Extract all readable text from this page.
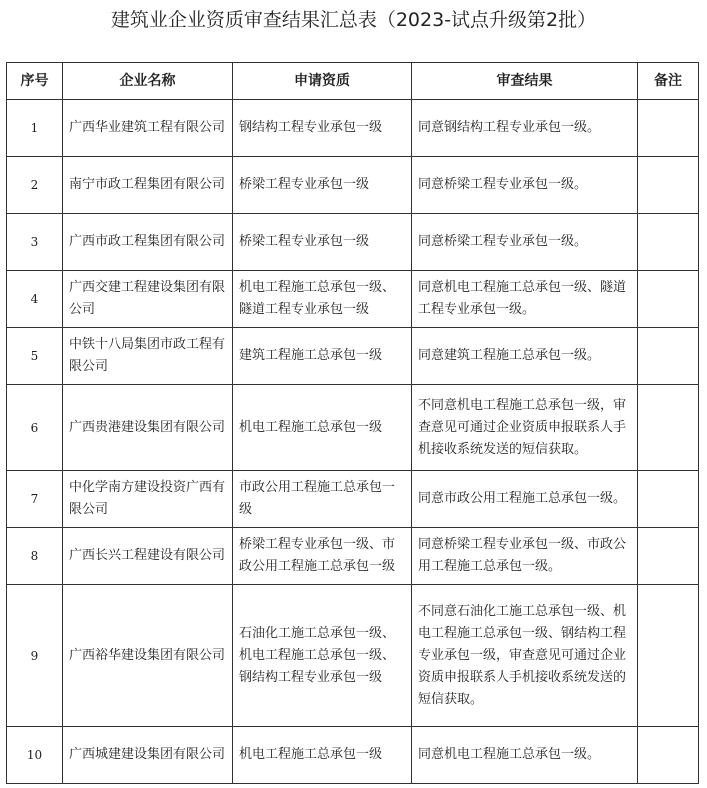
建筑业企业资质审查结果汇总表（2023-试点升级第2批）
序号	企业名称	申请资质	审查结果	备注
1	广西华业建筑工程有限公司	钢结构工程专业承包一级	同意钢结构工程专业承包一级。	
2	南宁市政工程集团有限公司	桥梁工程专业承包一级	同意桥梁工程专业承包一级。	
3	广西市政工程集团有限公司	桥梁工程专业承包一级	同意桥梁工程专业承包一级。	
4	广西交建工程建设集团有限公司	机电工程施工总承包一级、隧道工程专业承包一级	同意机电工程施工总承包一级、隧道工程专业承包一级。	
5	中铁十八局集团市政工程有限公司	建筑工程施工总承包一级	同意建筑工程施工总承包一级。	
6	广西贵港建设集团有限公司	机电工程施工总承包一级	不同意机电工程施工总承包一级，审查意见可通过企业资质申报联系人手机接收系统发送的短信获取。	
7	中化学南方建设投资广西有限公司	市政公用工程施工总承包一级	同意市政公用工程施工总承包一级。	
8	广西长兴工程建设有限公司	桥梁工程专业承包一级、市政公用工程施工总承包一级	同意桥梁工程专业承包一级、市政公用工程施工总承包一级。	
9	广西裕华建设集团有限公司	石油化工施工总承包一级、机电工程施工总承包一级、钢结构工程专业承包一级	不同意石油化工施工总承包一级、机电工程施工总承包一级、钢结构工程专业承包一级，审查意见可通过企业资质申报联系人手机接收系统发送的短信获取。	
10	广西城建建设集团有限公司	机电工程施工总承包一级	同意机电工程施工总承包一级。	
